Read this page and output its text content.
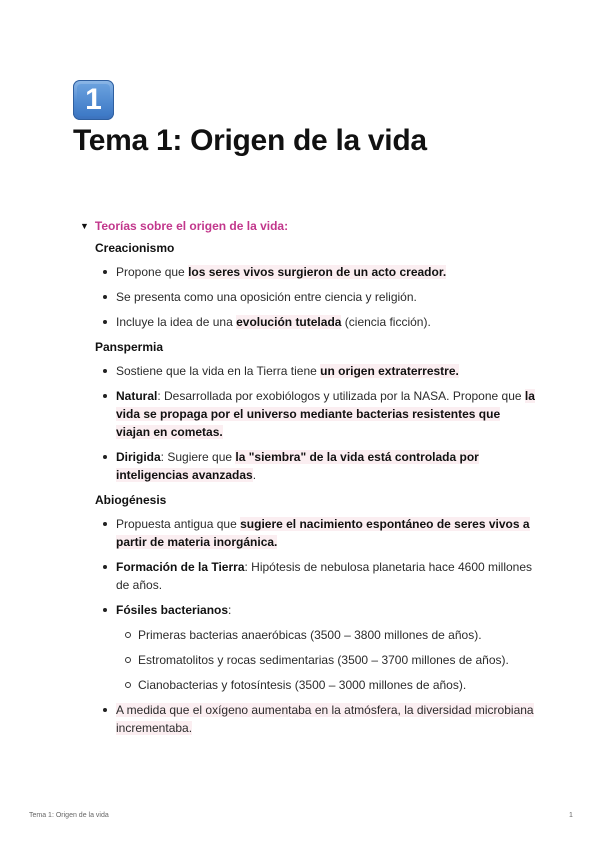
1
Tema 1: Origen de la vida
▼ Teorías sobre el origen de la vida:
Creacionismo
Propone que los seres vivos surgieron de un acto creador.
Se presenta como una oposición entre ciencia y religión.
Incluye la idea de una evolución tutelada (ciencia ficción).
Panspermia
Sostiene que la vida en la Tierra tiene un origen extraterrestre.
Natural: Desarrollada por exobiólogos y utilizada por la NASA. Propone que la vida se propaga por el universo mediante bacterias resistentes que viajan en cometas.
Dirigida: Sugiere que la "siembra" de la vida está controlada por inteligencias avanzadas.
Abiogénesis
Propuesta antigua que sugiere el nacimiento espontáneo de seres vivos a partir de materia inorgánica.
Formación de la Tierra: Hipótesis de nebulosa planetaria hace 4600 millones de años.
Fósiles bacterianos:
Primeras bacterias anaeróbicas (3500 – 3800 millones de años).
Estromatolitos y rocas sedimentarias (3500 – 3700 millones de años).
Cianobacterias y fotosíntesis (3500 – 3000 millones de años).
A medida que el oxígeno aumentaba en la atmósfera, la diversidad microbiana incrementaba.
Tema 1: Origen de la vida	1
